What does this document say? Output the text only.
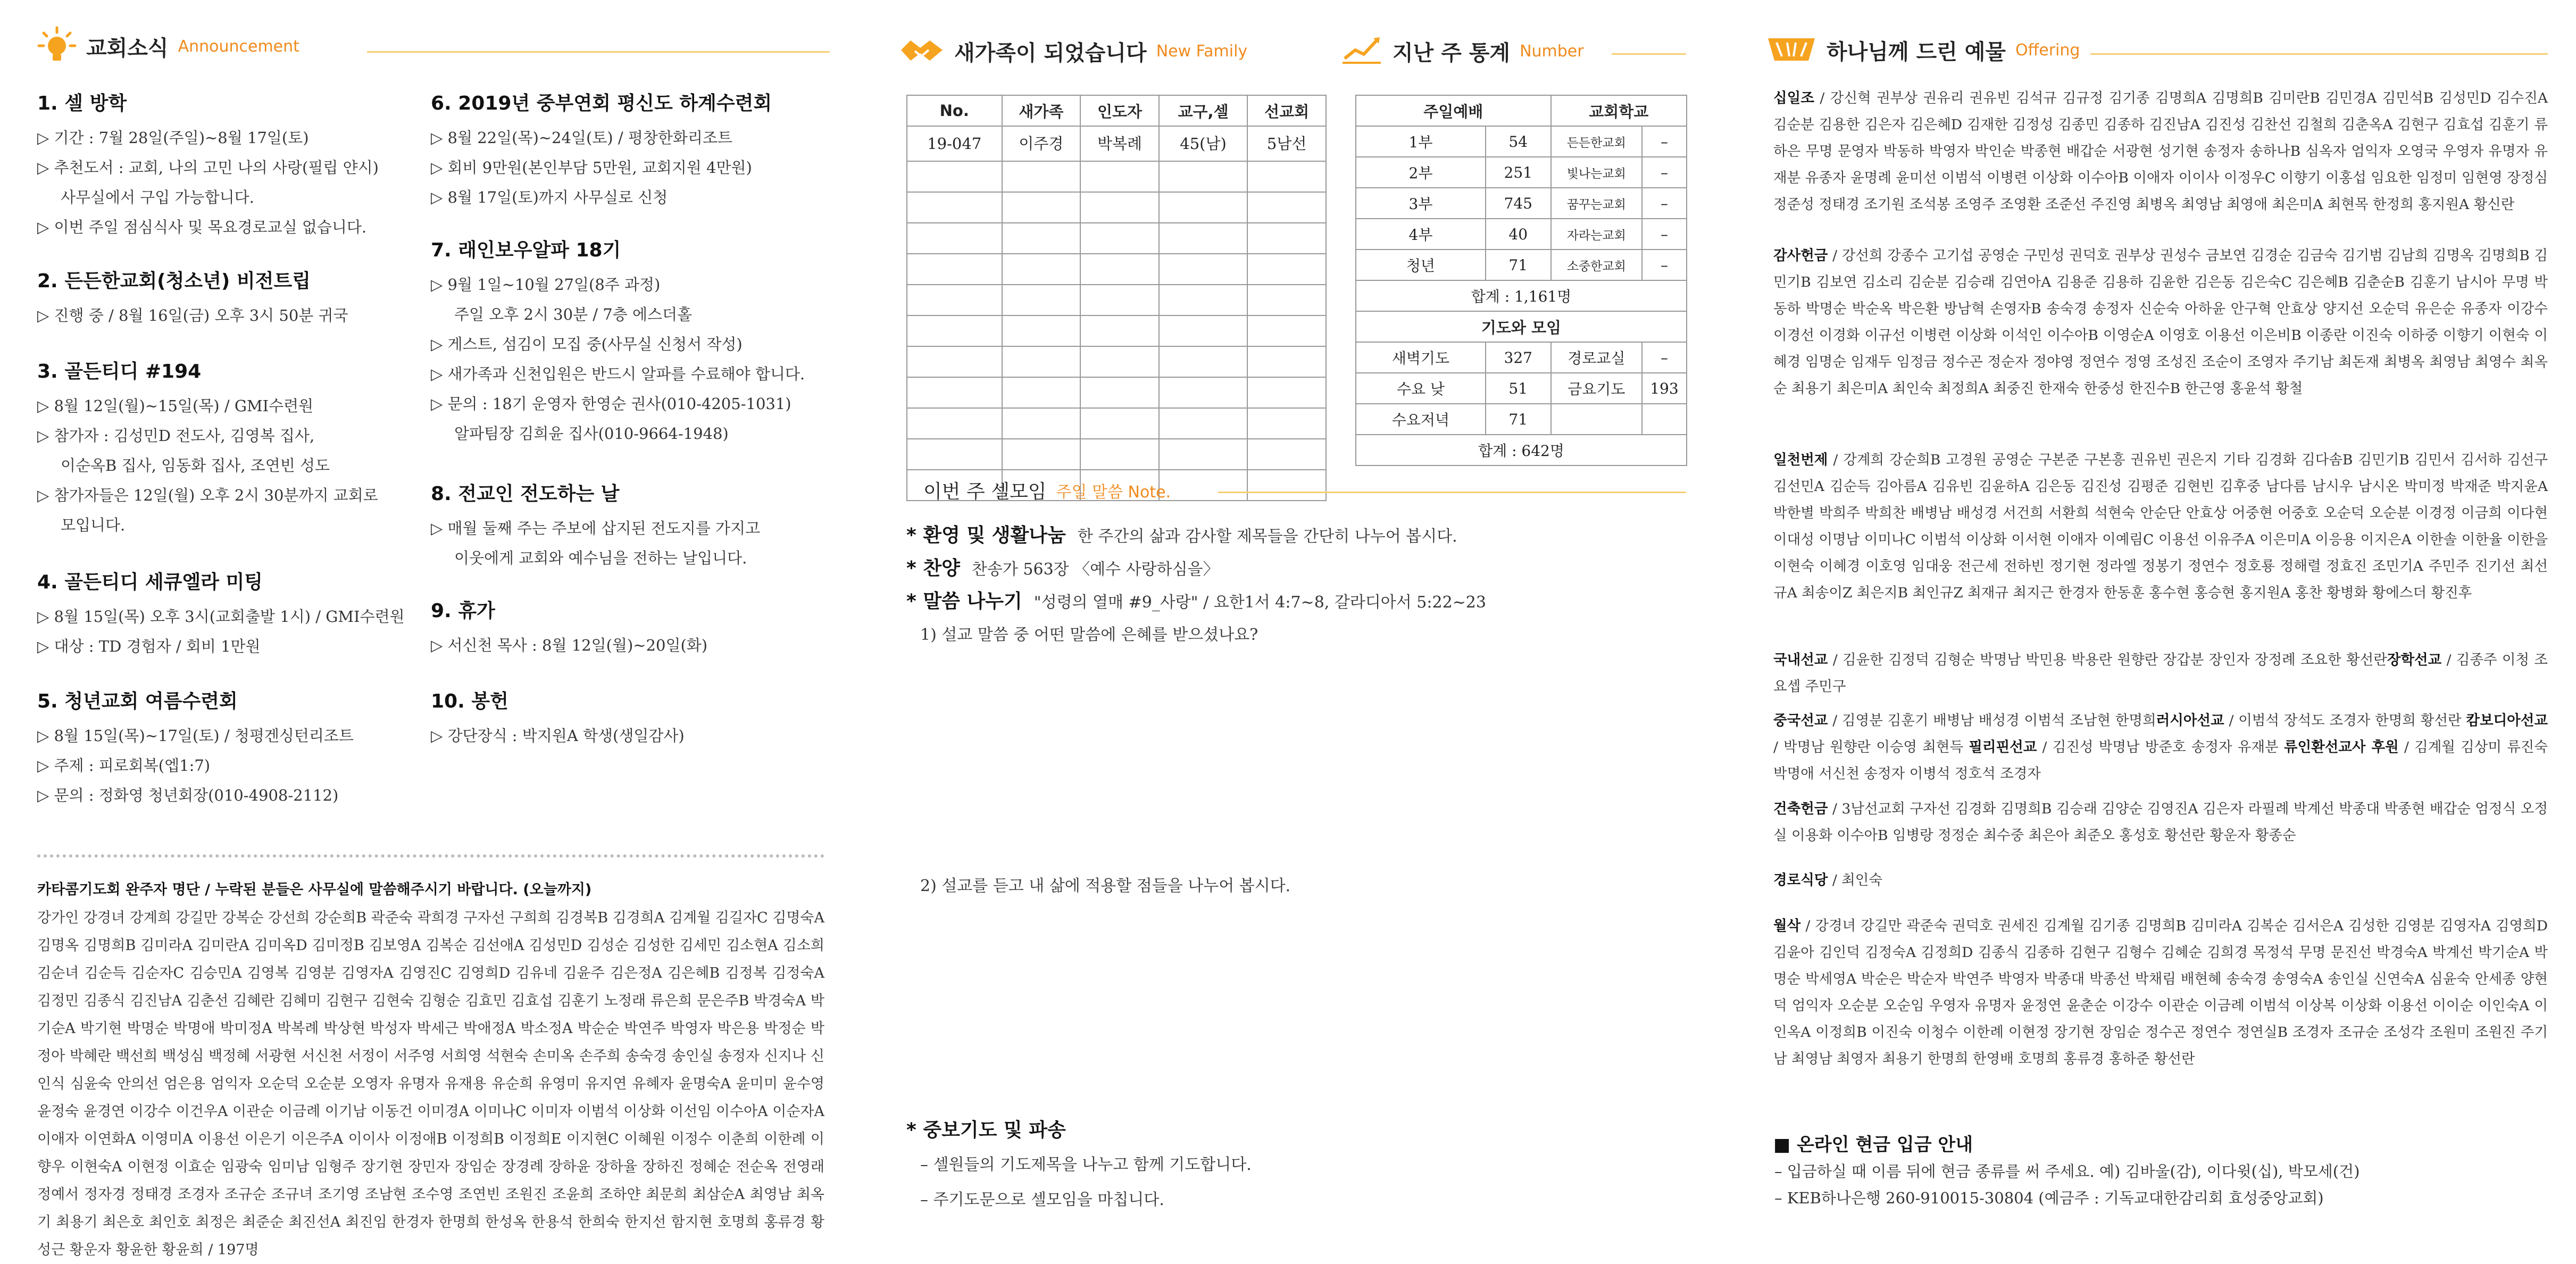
교회소식 Announcement
1. 셀 방학
▷ 기간 : 7월 28일(주일)~8월 17일(토)
▷ 추천도서 : 교회, 나의 고민 나의 사랑(필립 얀시)
사무실에서 구입 가능합니다.
▷ 이번 주일 점심식사 및 목요경로교실 없습니다.
2. 든든한교회(청소년) 비전트립
▷ 진행 중 / 8월 16일(금) 오후 3시 50분 귀국
3. 골든티디 #194
▷ 8월 12일(월)~15일(목) / GMI수련원
▷ 참가자 : 김성민D 전도사, 김영복 집사,
이순옥B 집사, 임동화 집사, 조연빈 성도
▷ 참가자들은 12일(월) 오후 2시 30분까지 교회로
모입니다.
4. 골든티디 세큐엘라 미팅
▷ 8월 15일(목) 오후 3시(교회출발 1시) / GMI수련원
▷ 대상 : TD 경험자 / 회비 1만원
5. 청년교회 여름수련회
▷ 8월 15일(목)~17일(토) / 청평겐싱턴리조트
▷ 주제 : 피로회복(엡1:7)
▷ 문의 : 정화영 청년회장(010-4908-2112)
6. 2019년 중부연회 평신도 하계수련회
▷ 8월 22일(목)~24일(토) / 평창한화리조트
▷ 회비 9만원(본인부담 5만원, 교회지원 4만원)
▷ 8월 17일(토)까지 사무실로 신청
7. 래인보우알파 18기
▷ 9월 1일~10월 27일(8주 과정)
주일 오후 2시 30분 / 7층 에스더홀
▷ 게스트, 섬김이 모집 중(사무실 신청서 작성)
▷ 새가족과 신천입원은 반드시 알파를 수료해야 합니다.
▷ 문의 : 18기 운영자 한영순 권사(010-4205-1031)
알파팀장 김희윤 집사(010-9664-1948)
8. 전교인 전도하는 날
▷ 매월 둘째 주는 주보에 삽지된 전도지를 가지고
이웃에게 교회와 예수님을 전하는 날입니다.
9. 휴가
▷ 서신천 목사 : 8월 12일(월)~20일(화)
10. 봉헌
▷ 강단장식 : 박지원A 학생(생일감사)
카타콤기도회 완주자 명단 / 누락된 분들은 사무실에 말씀해주시기 바랍니다. (오늘까지)
강가인 강경녀 강계희 강길만 강복순 강선희 강순희B 곽준숙 곽희경 구자선 구희희 김경복B 김경희A 김계월 김길자C 김명숙A 김명옥 김명희B 김미라A 김미란A 김미옥D 김미정B 김보영A 김복순 김선애A 김성민D 김성순 김성한 김세민 김소현A 김소희 김순녀 김순득 김순자C 김승민A 김영복 김영분 김영자A 김영진C 김영희D 김유네 김윤주 김은정A 김은혜B 김정복 김정숙A 김정민 김종식 김진남A 김춘선 김혜란 김혜미 김현구 김현숙 김형순 김효민 김효섭 김훈기 노정래 류은희 문은주B 박경숙A 박기순A 박기현 박명순 박명애 박미정A 박복례 박상현 박성자 박세근 박애정A 박소정A 박순순 박연주 박영자 박은용 박정순 박정아 박혜란 백선희 백성심 백정혜 서광현 서신천 서정이 서주영 서희영 석현숙 손미옥 손주희 송숙경 송인실 송정자 신지나 신인식 심윤숙 안의선 엄은용 엄익자 오순덕 오순분 오영자 유명자 유재용 유순희 유영미 유지연 유혜자 윤명숙A 윤미미 윤수영 윤정숙 윤경연 이강수 이건우A 이관순 이금례 이기남 이동건 이미경A 이미나C 이미자 이범석 이상화 이선임 이수아A 이순자A 이애자 이연화A 이영미A 이용선 이은기 이은주A 이이사 이정애B 이정희B 이정희E 이지현C 이혜원 이정수 이춘희 이한례 이향우 이현숙A 이현정 이효순 임광숙 임미남 임형주 장기현 장민자 장임순 장경례 장하윤 장하율 장하진 정혜순 전순옥 전영래 정예서 정자경 정태경 조경자 조규순 조규녀 조기영 조남현 조수영 조연빈 조원진 조윤희 조하얀 최문희 최삼순A 최영남 최옥기 최용기 최은호 최인호 최정은 최준순 최진선A 최진임 한경자 한명희 한성옥 한용석 한희숙 한지선 함지현 호명희 홍류경 황성근 황운자 황윤한 황윤희 / 197명
새가족이 되었습니다 New Family	지난 주 통계 Number
No.	새가족	인도자	교구,셀	선교회
19-047	이주경	박복례	45(남)	5남선

주일예배		교회학교	
1부	54	든든한교회	–
2부	251	빛나는교회	–
3부	745	꿈꾸는교회	–
4부	40	자라는교회	–
청년	71	소중한교회	–
합계 : 1,161명			
기도와 모임			
새벽기도	327	경로교실	–
수요 낮	51	금요기도	193
수요저녁	71		
합계 : 642명			
이번 주 셀모임 주일 말씀 Note.
* 환영 및 생활나눔 한 주간의 삶과 감사할 제목들을 간단히 나누어 봅시다.
* 찬양 찬송가 563장 〈예수 사랑하심을〉
* 말씀 나누기 "성령의 열매 #9_사랑" / 요한1서 4:7~8, 갈라디아서 5:22~23
1) 설교 말씀 중 어떤 말씀에 은혜를 받으셨나요?
2) 설교를 듣고 내 삶에 적용할 점들을 나누어 봅시다.
* 중보기도 및 파송
– 셀원들의 기도제목을 나누고 함께 기도합니다.
– 주기도문으로 셀모임을 마칩니다.
하나님께 드린 예물 Offering
십일조 / 강신혁 권부상 권유리 권유빈 김석규 김규정 김기종 김명희A 김명희B 김미란B 김민경A 김민석B 김성민D 김수진A 김순분 김용한 김은자 김은혜D 김재한 김정성 김종민 김종하 김진남A 김진성 김찬선 김철희 김춘옥A 김현구 김효섭 김훈기 류하은 무명 문영자 박동하 박영자 박인순 박종현 배갑순 서광현 성기현 송정자 송하나B 심옥자 엄익자 오영국 우영자 유명자 유재분 유종자 윤명례 윤미선 이범석 이병련 이상화 이수아B 이애자 이이사 이정우C 이향기 이홍섭 임요한 임정미 임현영 장정심 정준성 정태경 조기원 조석봉 조영주 조영환 조준선 주진영 최병옥 최영남 최영애 최은미A 최현목 한정희 홍지원A 황신란
감사헌금 / 강선희 강종수 고기섭 공영순 구민성 권덕호 권부상 권성수 금보연 김경순 김금숙 김기범 김남희 김명옥 김명희B 김민기B 김보연 김소리 김순분 김승래 김연아A 김용준 김용하 김윤한 김은동 김은숙C 김은혜B 김춘순B 김훈기 남시아 무명 박동하 박명순 박순옥 박은환 방남혁 손영자B 송숙경 송정자 신순숙 아하윤 안구혁 안효상 양지선 오순덕 유은순 유종자 이강수 이경선 이경화 이규선 이병련 이상화 이석인 이수아B 이영순A 이영호 이용선 이은비B 이종란 이진숙 이하중 이향기 이현숙 이혜경 임명순 임재두 임정금 정수곤 정순자 정야영 정연수 정영 조성진 조순이 조영자 주기남 최돈재 최병옥 최영남 최영수 최옥순 최용기 최은미A 최인숙 최정희A 최중진 한재숙 한중성 한진수B 한근영 홍윤석 황철
일천번제 / 강계희 강순희B 고경원 공영순 구본준 구본흥 권유빈 권은지 기타 김경화 김다솜B 김민기B 김민서 김서하 김선구 김선민A 김순득 김아름A 김유빈 김윤하A 김은동 김진성 김평준 김현빈 김후중 남다름 남시우 남시온 박미정 박재준 박지윤A 박한별 박희주 박희찬 배병남 배성경 서건희 서환희 석현숙 안순단 안효상 어중현 어중호 오순덕 오순분 이경정 이금희 이다현 이대성 이명남 이미나C 이범석 이상화 이서현 이애자 이예림C 이용선 이유주A 이은미A 이응용 이지은A 이한솔 이한율 이한을 이현숙 이혜경 이호영 임대웅 전근세 전하빈 정기현 정라엘 정봉기 정연수 정호룡 정해렬 정효진 조민기A 주민주 진기선 최선규A 최송이Z 최은지B 최인규Z 최재규 최지근 한경자 한동훈 홍수현 홍승현 홍지원A 홍찬 황병화 황에스더 황진후
국내선교 / 김윤한 김정덕 김형순 박명남 박민용 박용란 원향란 장갑분 장인자 장정례 조요한 황선란장학선교 / 김종주 이청 조요셉 주민구
중국선교 / 김영분 김훈기 배병남 배성경 이범석 조남현 한명희러시아선교 / 이범석 장석도 조경자 한명희 황선란 캄보디아선교 / 박명남 원향란 이승영 최현득 필리핀선교 / 김진성 박명남 방준호 송정자 유재분 류인환선교사 후원 / 김계월 김상미 류진숙 박명애 서신천 송정자 이병석 정호석 조경자
건축헌금 / 3남선교회 구자선 김경화 김명희B 김승래 김양순 김영진A 김은자 라필례 박계선 박종대 박종현 배갑순 엄정식 오정실 이용화 이수아B 임병랑 정정순 최수중 최은아 최준오 홍성호 황선란 황운자 황종순
경로식당 / 최인숙
월삭 / 강경녀 강길만 곽준숙 권덕호 권세진 김계월 김기종 김명희B 김미라A 김복순 김서은A 김성한 김영분 김영자A 김영희D 김윤아 김인덕 김정숙A 김정희D 김종식 김종하 김현구 김형수 김혜순 김희경 목정석 무명 문진선 박경숙A 박계선 박기순A 박명순 박세영A 박순은 박순자 박연주 박영자 박종대 박종선 박채림 배현혜 송숙경 송영숙A 송인실 신연숙A 심윤숙 안세종 양현덕 엄익자 오순분 오순임 우영자 유명자 윤정연 윤춘순 이강수 이관순 이금례 이범석 이상복 이상화 이용선 이이순 이인숙A 이인옥A 이정희B 이진숙 이청수 이한례 이현정 장기현 장임순 정수곤 정연수 정연실B 조경자 조규순 조성각 조원미 조원진 주기남 최영남 최영자 최용기 한명희 한영배 호명희 홍류경 홍하준 황선란
■ 온라인 현금 입금 안내
– 입금하실 때 이름 뒤에 현금 종류를 써 주세요. 예) 김바울(감), 이다윗(십), 박모세(건)
– KEB하나은행 260-910015-30804 (예금주 : 기독교대한감리회 효성중앙교회)
